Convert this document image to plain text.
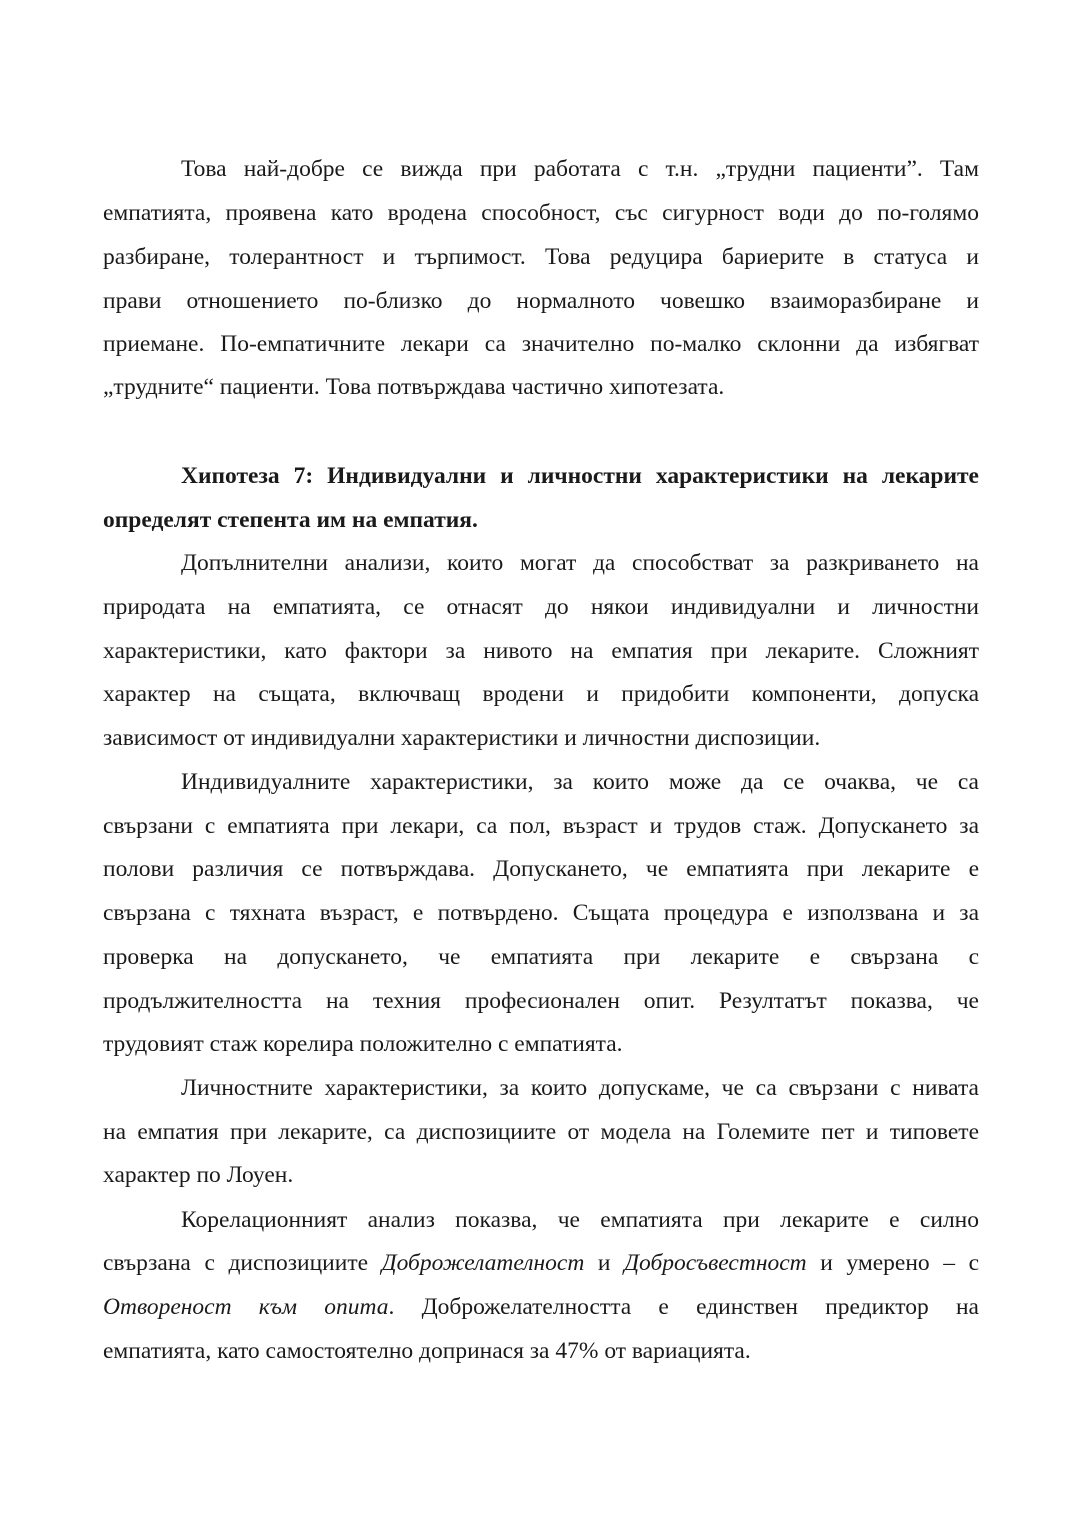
Това най-добре се вижда при работата с т.н. „трудни пациенти”. Там
емпатията, проявена като вродена способност, със сигурност води до по-голямо
разбиране, толерантност и търпимост. Това редуцира бариерите в статуса и
прави отношението по-близко до нормалното човешко взаиморазбиране и
приемане. По-емпатичните лекари са значително по-малко склонни да избягват
„трудните“ пациенти. Това потвърждава частично хипотезата.
Хипотеза 7: Индивидуални и личностни характеристики на лекарите
определят степента им на емпатия.
Допълнителни анализи, които могат да способстват за разкриването на
природата на емпатията, се отнасят до някои индивидуални и личностни
характеристики, като фактори за нивото на емпатия при лекарите. Сложният
характер на същата, включващ вродени и придобити компоненти, допуска
зависимост от индивидуални характеристики и личностни диспозиции.
Индивидуалните характеристики, за които може да се очаква, че са
свързани с емпатията при лекари, са пол, възраст и трудов стаж. Допускането за
полови различия се потвърждава. Допускането, че емпатията при лекарите е
свързана с тяхната възраст, е потвърдено. Същата процедура е използвана и за
проверка на допускането, че емпатията при лекарите е свързана с
продължителността на техния професионален опит. Резултатът показва, че
трудовият стаж корелира положително с емпатията.
Личностните характеристики, за които допускаме, че са свързани с нивата
на емпатия при лекарите, са диспозициите от модела на Големите пет и типовете
характер по Лоуен.
Корелационният анализ показва, че емпатията при лекарите е силно
свързана с диспозициите Доброжелателност и Добросъвестност и умерено – с
Отвореност към опита. Доброжелателността е единствен предиктор на
емпатията, като самостоятелно допринася за 47% от вариацията.
